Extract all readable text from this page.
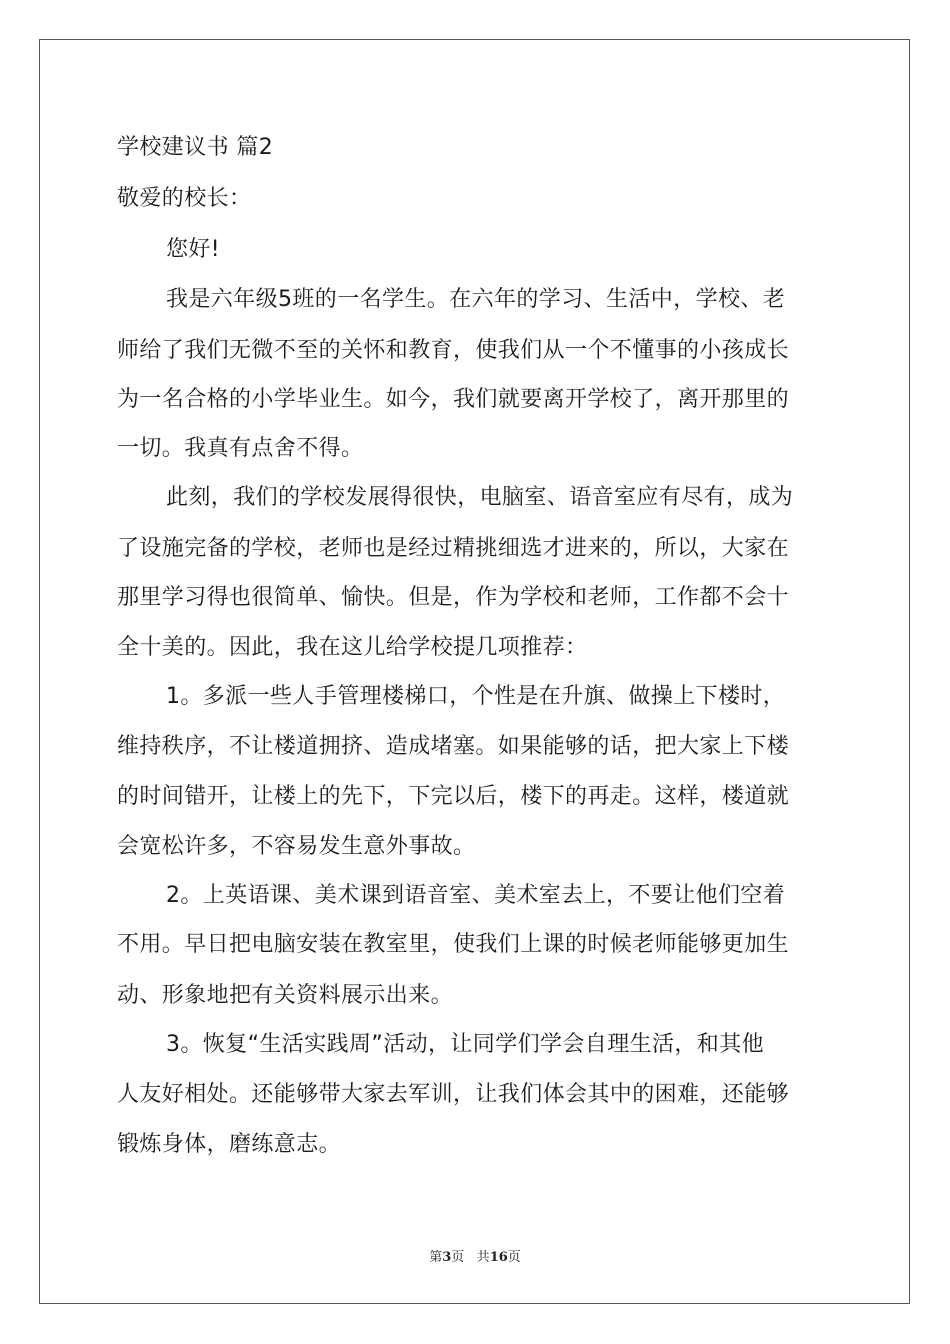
学校建议书 篇2
敬爱的校长：
您好!
我是六年级5班的一名学生。在六年的学习、生活中，学校、老
师给了我们无微不至的关怀和教育，使我们从一个不懂事的小孩成长
为一名合格的小学毕业生。如今，我们就要离开学校了，离开那里的
一切。我真有点舍不得。
此刻，我们的学校发展得很快，电脑室、语音室应有尽有，成为
了设施完备的学校，老师也是经过精挑细选才进来的，所以，大家在
那里学习得也很简单、愉快。但是，作为学校和老师，工作都不会十
全十美的。因此，我在这儿给学校提几项推荐：
1。多派一些人手管理楼梯口，个性是在升旗、做操上下楼时，
维持秩序，不让楼道拥挤、造成堵塞。如果能够的话，把大家上下楼
的时间错开，让楼上的先下，下完以后，楼下的再走。这样，楼道就
会宽松许多，不容易发生意外事故。
2。上英语课、美术课到语音室、美术室去上，不要让他们空着
不用。早日把电脑安装在教室里，使我们上课的时候老师能够更加生
动、形象地把有关资料展示出来。
3。恢复“生活实践周”活动，让同学们学会自理生活，和其他
人友好相处。还能够带大家去军训，让我们体会其中的困难，还能够
锻炼身体，磨练意志。
第3页 共16页
